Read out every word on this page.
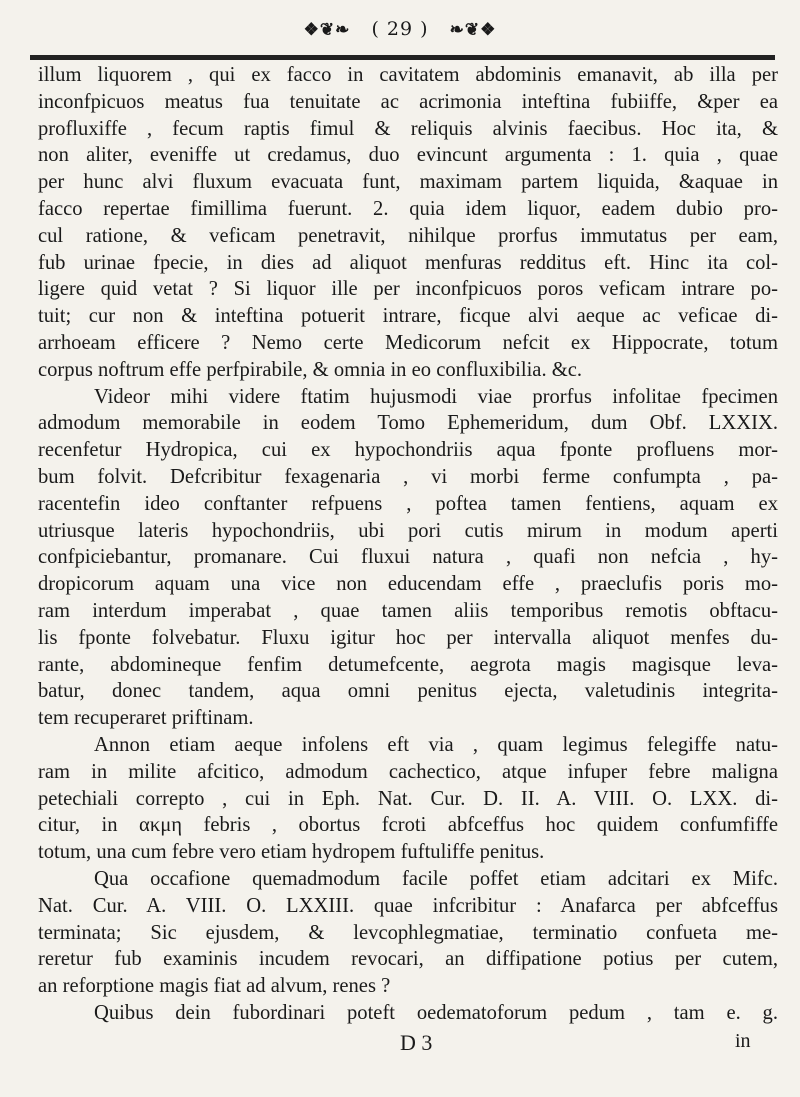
❖❦❧ ( 29 ) ❧❦❖
illum liquorem , qui ex facco in cavitatem abdominis emanavit, ab illa per
inconfpicuos meatus fua tenuitate ac acrimonia inteftina fubiiffe, &per ea
profluxiffe , fecum raptis fimul & reliquis alvinis faecibus. Hoc ita, &
non aliter, eveniffe ut credamus, duo evincunt argumenta : 1. quia , quae
per hunc alvi fluxum evacuata funt, maximam partem liquida, &aquae in
facco repertae fimillima fuerunt. 2. quia idem liquor, eadem dubio pro-
cul ratione, & veficam penetravit, nihilque prorfus immutatus per eam,
fub urinae fpecie, in dies ad aliquot menfuras redditus eft. Hinc ita col-
ligere quid vetat ? Si liquor ille per inconfpicuos poros veficam intrare po-
tuit; cur non & inteftina potuerit intrare, ficque alvi aeque ac veficae di-
arrhoeam efficere ? Nemo certe Medicorum nefcit ex Hippocrate, totum
corpus noftrum effe perfpirabile, & omnia in eo confluxibilia. &c.
Videor mihi videre ftatim hujusmodi viae prorfus infolitae fpecimen
admodum memorabile in eodem Tomo Ephemeridum, dum Obf. LXXIX.
recenfetur Hydropica, cui ex hypochondriis aqua fponte profluens mor-
bum folvit. Defcribitur fexagenaria , vi morbi ferme confumpta , pa-
racentefin ideo conftanter refpuens , poftea tamen fentiens, aquam ex
utriusque lateris hypochondriis, ubi pori cutis mirum in modum aperti
confpiciebantur, promanare. Cui fluxui natura , quafi non nefcia , hy-
dropicorum aquam una vice non educendam effe , praeclufis poris mo-
ram interdum imperabat , quae tamen aliis temporibus remotis obftacu-
lis fponte folvebatur. Fluxu igitur hoc per intervalla aliquot menfes du-
rante, abdomineque fenfim detumefcente, aegrota magis magisque leva-
batur, donec tandem, aqua omni penitus ejecta, valetudinis integrita-
tem recuperaret priftinam.
Annon etiam aeque infolens eft via , quam legimus felegiffe natu-
ram in milite afcitico, admodum cachectico, atque infuper febre maligna
petechiali correpto , cui in Eph. Nat. Cur. D. II. A. VIII. O. LXX. di-
citur, in ακμη febris , obortus fcroti abfceffus hoc quidem confumfiffe
totum, una cum febre vero etiam hydropem fuftuliffe penitus.
Qua occafione quemadmodum facile poffet etiam adcitari ex Mifc.
Nat. Cur. A. VIII. O. LXXIII. quae infcribitur : Anafarca per abfceffus
terminata; Sic ejusdem, & levcophlegmatiae, terminatio confueta me-
reretur fub examinis incudem revocari, an diffipatione potius per cutem,
an reforptione magis fiat ad alvum, renes ?
Quibus dein fubordinari poteft oedematoforum pedum , tam e. g.
D 3	in
